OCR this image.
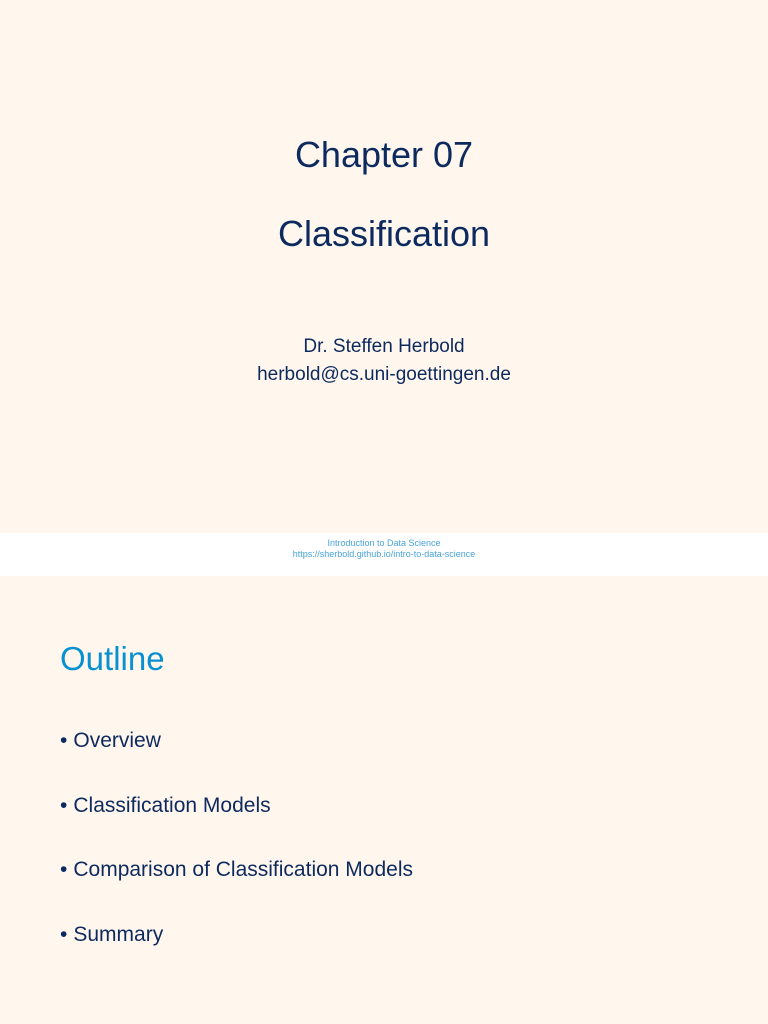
Chapter 07
Classification
Dr. Steffen Herbold
herbold@cs.uni-goettingen.de
Introduction to Data Science
https://sherbold.github.io/intro-to-data-science
Outline
• Overview
• Classification Models
• Comparison of Classification Models
• Summary
